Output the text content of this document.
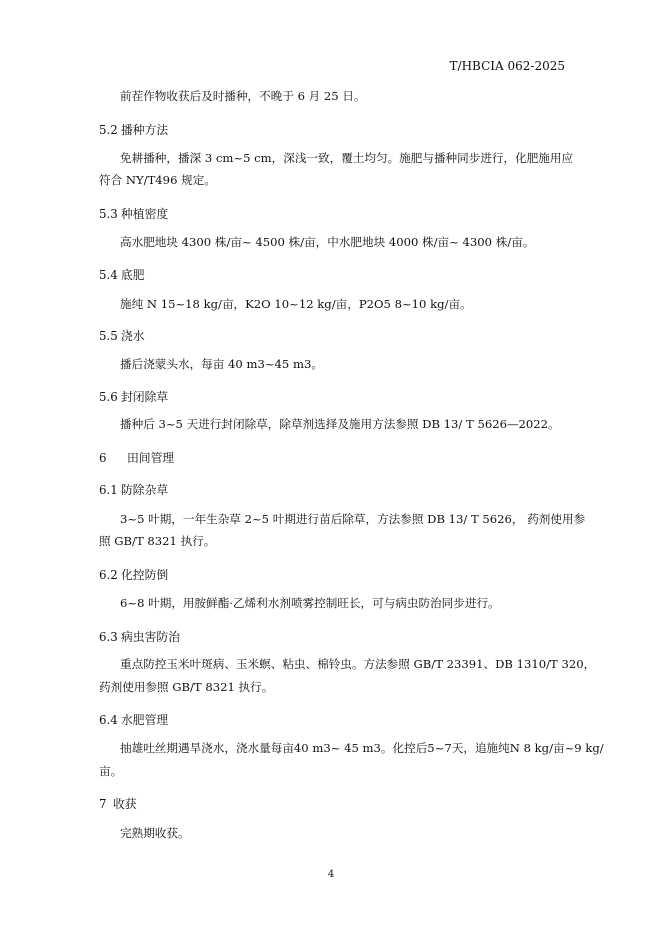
T/HBCIA 062-2025
前茬作物收获后及时播种，不晚于 6 月 25 日。
5.2 播种方法
免耕播种，播深 3 cm~5 cm，深浅一致，覆土均匀。施肥与播种同步进行，化肥施用应
符合 NY/T496 规定。
5.3 种植密度
高水肥地块 4300 株/亩~ 4500 株/亩，中水肥地块 4000 株/亩~ 4300 株/亩。
5.4 底肥
施纯 N 15~18 kg/亩，K2O 10~12 kg/亩，P2O5 8~10 kg/亩。
5.5 浇水
播后浇蒙头水，每亩 40 m3~45 m3。
5.6 封闭除草
播种后 3~5 天进行封闭除草，除草剂选择及施用方法参照 DB 13/ T 5626—2022。
6 田间管理
6.1 防除杂草
3~5 叶期，一年生杂草 2~5 叶期进行苗后除草，方法参照 DB 13/ T 5626， 药剂使用参
照 GB/T 8321 执行。
6.2 化控防倒
6~8 叶期，用胺鲜酯·乙烯利水剂喷雾控制旺长，可与病虫防治同步进行。
6.3 病虫害防治
重点防控玉米叶斑病、玉米螟、粘虫、棉铃虫。方法参照 GB/T 23391、DB 1310/T 320，
药剂使用参照 GB/T 8321 执行。
6.4 水肥管理
抽雄吐丝期遇旱浇水，浇水量每亩40 m3~ 45 m3。化控后5~7天，追施纯N 8 kg/亩~9 kg/
亩。
7 收获
完熟期收获。
4
